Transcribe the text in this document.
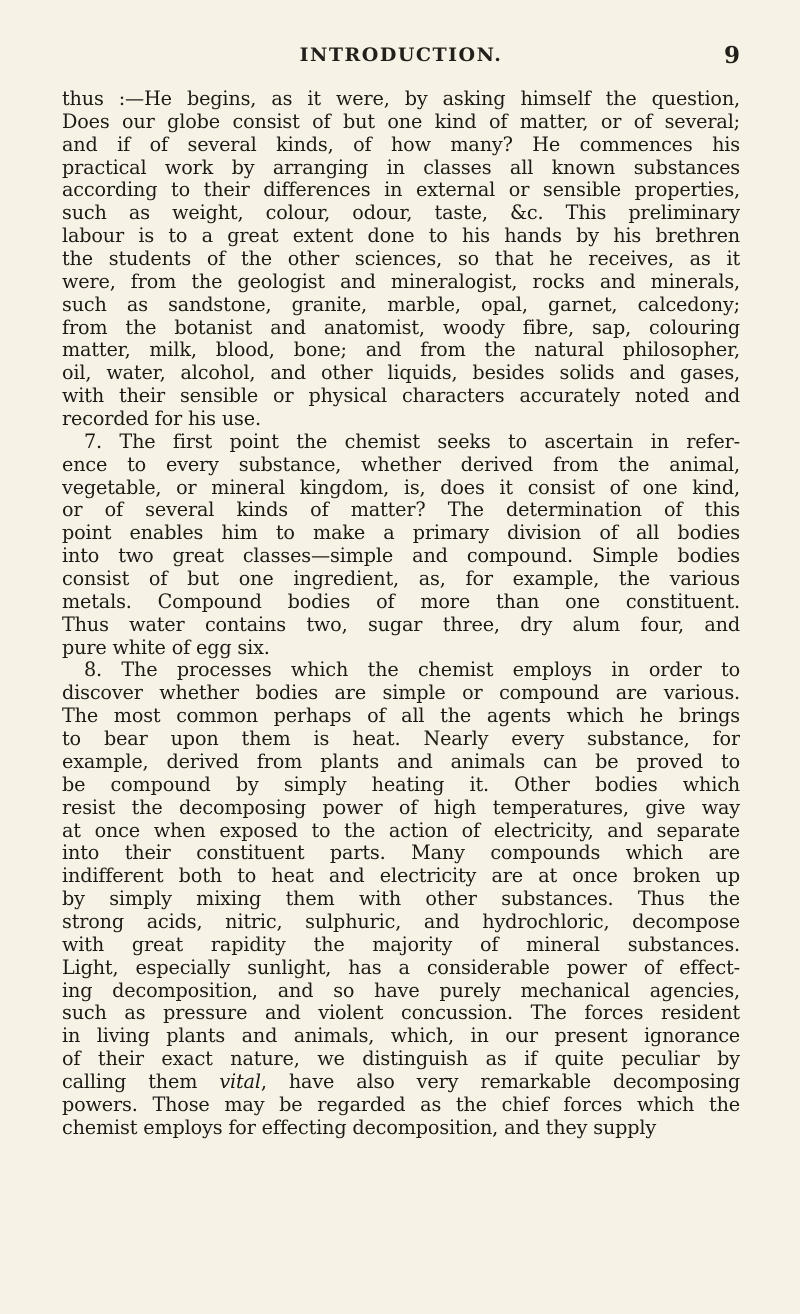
INTRODUCTION.	9
thus :—He begins, as it were, by asking himself the question,
Does our globe consist of but one kind of matter, or of several;
and if of several kinds, of how many? He commences his
practical work by arranging in classes all known substances
according to their differences in external or sensible properties,
such as weight, colour, odour, taste, &c. This preliminary
labour is to a great extent done to his hands by his brethren
the students of the other sciences, so that he receives, as it
were, from the geologist and mineralogist, rocks and minerals,
such as sandstone, granite, marble, opal, garnet, calcedony;
from the botanist and anatomist, woody fibre, sap, colouring
matter, milk, blood, bone; and from the natural philosopher,
oil, water, alcohol, and other liquids, besides solids and gases,
with their sensible or physical characters accurately noted and
recorded for his use.
7. The first point the chemist seeks to ascertain in refer-
ence to every substance, whether derived from the animal,
vegetable, or mineral kingdom, is, does it consist of one kind,
or of several kinds of matter? The determination of this
point enables him to make a primary division of all bodies
into two great classes—simple and compound. Simple bodies
consist of but one ingredient, as, for example, the various
metals. Compound bodies of more than one constituent.
Thus water contains two, sugar three, dry alum four, and
pure white of egg six.
8. The processes which the chemist employs in order to
discover whether bodies are simple or compound are various.
The most common perhaps of all the agents which he brings
to bear upon them is heat. Nearly every substance, for
example, derived from plants and animals can be proved to
be compound by simply heating it. Other bodies which
resist the decomposing power of high temperatures, give way
at once when exposed to the action of electricity, and separate
into their constituent parts. Many compounds which are
indifferent both to heat and electricity are at once broken up
by simply mixing them with other substances. Thus the
strong acids, nitric, sulphuric, and hydrochloric, decompose
with great rapidity the majority of mineral substances.
Light, especially sunlight, has a considerable power of effect-
ing decomposition, and so have purely mechanical agencies,
such as pressure and violent concussion. The forces resident
in living plants and animals, which, in our present ignorance
of their exact nature, we distinguish as if quite peculiar by
calling them vital, have also very remarkable decomposing
powers. Those may be regarded as the chief forces which the
chemist employs for effecting decomposition, and they supply
